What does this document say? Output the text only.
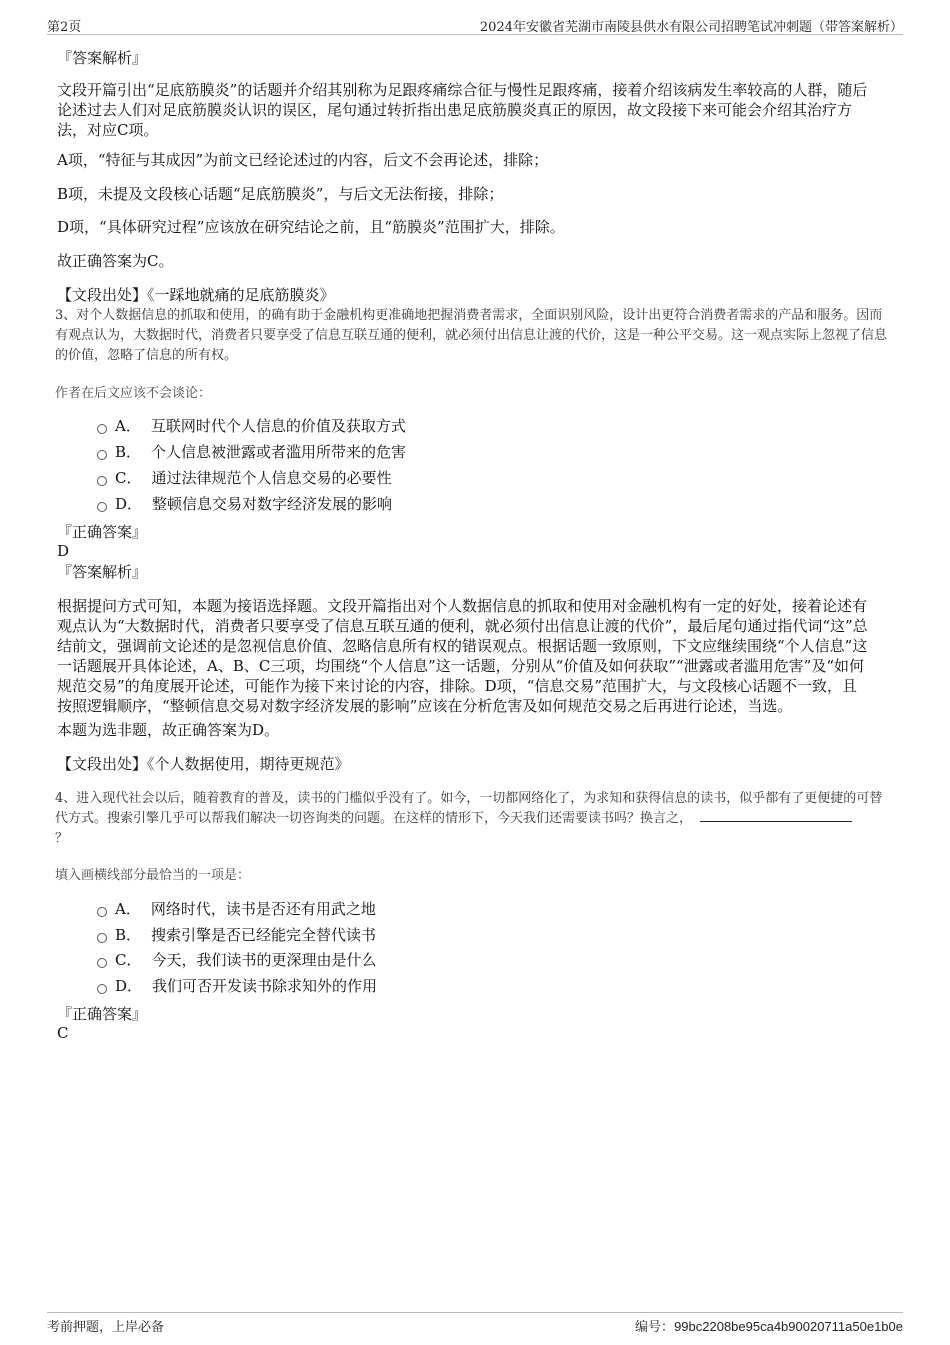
第2页	2024年安徽省芜湖市南陵县供水有限公司招聘笔试冲刺题（带答案解析）
『答案解析』
文段开篇引出“足底筋膜炎”的话题并介绍其别称为足跟疼痛综合征与慢性足跟疼痛，接着介绍该病发生率较高的人群，随后论述过去人们对足底筋膜炎认识的误区，尾句通过转折指出患足底筋膜炎真正的原因，故文段接下来可能会介绍其治疗方法，对应C项。
A项，“特征与其成因”为前文已经论述过的内容，后文不会再论述，排除；
B项，未提及文段核心话题“足底筋膜炎”，与后文无法衔接，排除；
D项，“具体研究过程”应该放在研究结论之前，且“筋膜炎”范围扩大，排除。
故正确答案为C。
【文段出处】《一踩地就痛的足底筋膜炎》
3、对个人数据信息的抓取和使用，的确有助于金融机构更准确地把握消费者需求，全面识别风险，设计出更符合消费者需求的产品和服务。因而有观点认为，大数据时代，消费者只要享受了信息互联互通的便利，就必须付出信息让渡的代价，这是一种公平交易。这一观点实际上忽视了信息的价值，忽略了信息的所有权。
作者在后文应该不会谈论：
A． 互联网时代个人信息的价值及获取方式
B． 个人信息被泄露或者滥用所带来的危害
C． 通过法律规范个人信息交易的必要性
D． 整顿信息交易对数字经济发展的影响
『正确答案』
D
『答案解析』
根据提问方式可知，本题为接语选择题。文段开篇指出对个人数据信息的抓取和使用对金融机构有一定的好处，接着论述有观点认为“大数据时代，消费者只要享受了信息互联互通的便利，就必须付出信息让渡的代价”，最后尾句通过指代词“这”总结前文，强调前文论述的是忽视信息价值、忽略信息所有权的错误观点。根据话题一致原则，下文应继续围绕“个人信息”这一话题展开具体论述，A、B、C三项，均围绕“个人信息”这一话题，分别从“价值及如何获取”“泄露或者滥用危害”及“如何规范交易”的角度展开论述，可能作为接下来讨论的内容，排除。D项，“信息交易”范围扩大，与文段核心话题不一致，且按照逻辑顺序，“整顿信息交易对数字经济发展的影响”应该在分析危害及如何规范交易之后再进行论述，当选。
本题为选非题，故正确答案为D。
【文段出处】《个人数据使用，期待更规范》
4、进入现代社会以后，随着教育的普及，读书的门槛似乎没有了。如今，一切都网络化了，为求知和获得信息的读书，似乎都有了更便捷的可替代方式。搜索引擎几乎可以帮我们解决一切咨询类的问题。在这样的情形下，今天我们还需要读书吗？换言之，
？
填入画横线部分最恰当的一项是：
A． 网络时代，读书是否还有用武之地
B． 搜索引擎是否已经能完全替代读书
C． 今天，我们读书的更深理由是什么
D． 我们可否开发读书除求知外的作用
『正确答案』
C
考前押题，上岸必备	编号：99bc2208be95ca4b90020711a50e1b0e
